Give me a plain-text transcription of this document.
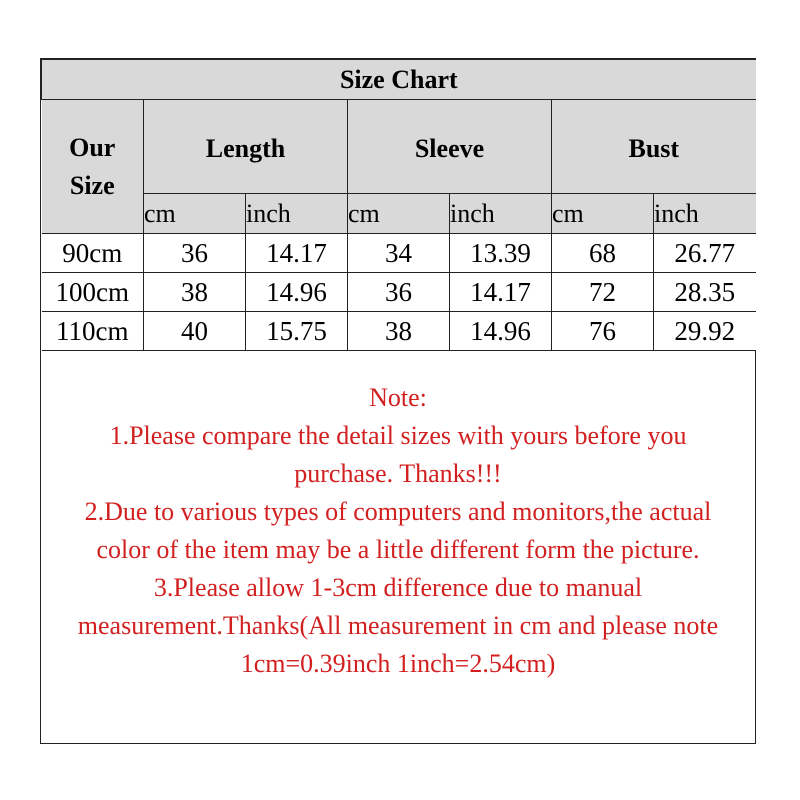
Size Chart						
Our
Size	Length		Sleeve		Bust	
	cm	inch	cm	inch	cm	inch
90cm	36	14.17	34	13.39	68	26.77
100cm	38	14.96	36	14.17	72	28.35
110cm	40	15.75	38	14.96	76	29.92
Note:
1.Please compare the detail sizes with yours before you purchase. Thanks!!!
2.Due to various types of computers and monitors,the actual color of the item may be a little different form the picture.
3.Please allow 1-3cm difference due to manual measurement.Thanks(All measurement in cm and please note 1cm=0.39inch 1inch=2.54cm)
